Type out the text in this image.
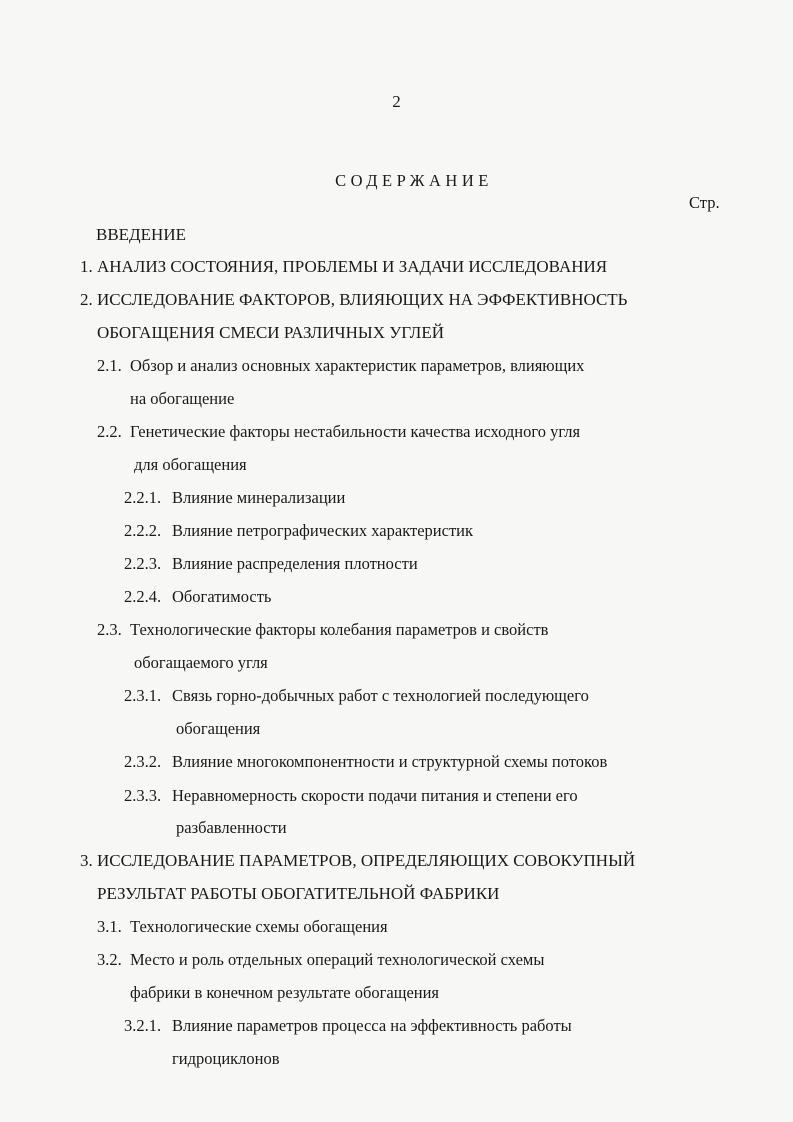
2
СОДЕРЖАНИЕ
Стр.
ВВЕДЕНИЕ
1. АНАЛИЗ СОСТОЯНИЯ, ПРОБЛЕМЫ И ЗАДАЧИ ИССЛЕДОВАНИЯ
2. ИССЛЕДОВАНИЕ ФАКТОРОВ, ВЛИЯЮЩИХ НА ЭФФЕКТИВНОСТЬ
ОБОГАЩЕНИЯ СМЕСИ РАЗЛИЧНЫХ УГЛЕЙ
2.1. Обзор и анализ основных характеристик параметров, влияющих
на обогащение
2.2. Генетические факторы нестабильности качества исходного угля
для обогащения
2.2.1. Влияние минерализации
2.2.2. Влияние петрографических характеристик
2.2.3. Влияние распределения плотности
2.2.4. Обогатимость
2.3. Технологические факторы колебания параметров и свойств
обогащаемого угля
2.3.1. Связь горно-добычных работ с технологией последующего
обогащения
2.3.2. Влияние многокомпонентности и структурной схемы потоков
2.3.3. Неравномерность скорости подачи питания и степени его
разбавленности
3. ИССЛЕДОВАНИЕ ПАРАМЕТРОВ, ОПРЕДЕЛЯЮЩИХ СОВОКУПНЫЙ
РЕЗУЛЬТАТ РАБОТЫ ОБОГАТИТЕЛЬНОЙ ФАБРИКИ
3.1. Технологические схемы обогащения
3.2. Место и роль отдельных операций технологической схемы
фабрики в конечном результате обогащения
3.2.1. Влияние параметров процесса на эффективность работы
гидроциклонов
